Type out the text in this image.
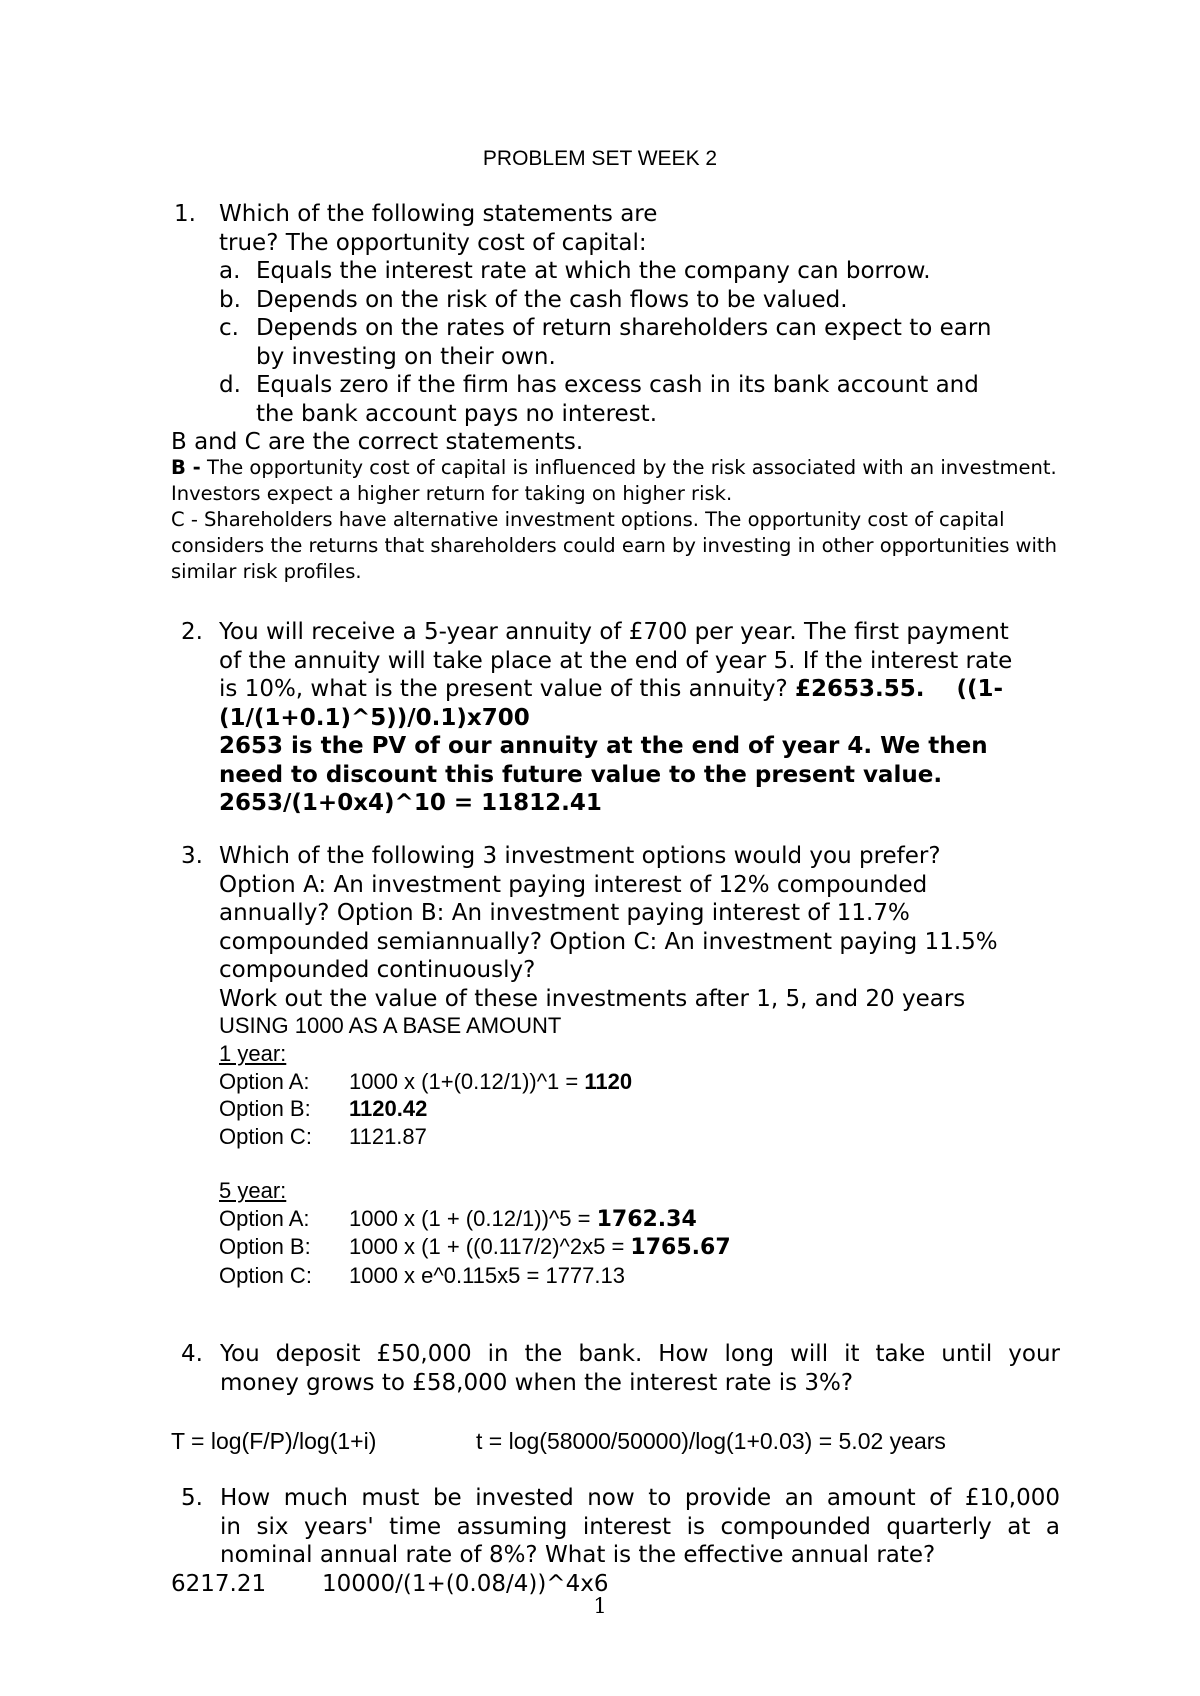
PROBLEM SET WEEK 2
1. Which of the following statements are
true? The opportunity cost of capital:
a. Equals the interest rate at which the company can borrow.
b. Depends on the risk of the cash flows to be valued.
c. Depends on the rates of return shareholders can expect to earn
by investing on their own.
d. Equals zero if the firm has excess cash in its bank account and
the bank account pays no interest.
B and C are the correct statements.
B - The opportunity cost of capital is influenced by the risk associated with an investment. Investors expect a higher return for taking on higher risk.
C - Shareholders have alternative investment options. The opportunity cost of capital considers the returns that shareholders could earn by investing in other opportunities with similar risk profiles.
2. You will receive a 5-year annuity of £700 per year. The first payment
of the annuity will take place at the end of year 5. If the interest rate
is 10%, what is the present value of this annuity? £2653.55.    ((1-
(1/(1+0.1)^5))/0.1)x700
2653 is the PV of our annuity at the end of year 4. We then
need to discount this future value to the present value.
2653/(1+0x4)^10 = 11812.41
3. Which of the following 3 investment options would you prefer?
Option A: An investment paying interest of 12% compounded
annually? Option B: An investment paying interest of 11.7%
compounded semiannually? Option C: An investment paying 11.5%
compounded continuously?
Work out the value of these investments after 1, 5, and 20 years
USING 1000 AS A BASE AMOUNT
1 year:
Option A: 1000 x (1+(0.12/1))^1 = 1120
Option B: 1120.42
Option C: 1121.87
5 year:
Option A: 1000 x (1 + (0.12/1))^5 = 1762.34
Option B: 1000 x (1 + ((0.117/2)^2x5 = 1765.67
Option C: 1000 x e^0.115x5 = 1777.13
4. You deposit £50,000 in the bank. How long will it take until your
money grows to £58,000 when the interest rate is 3%?
T = log(F/P)/log(1+i)	t = log(58000/50000)/log(1+0.03) = 5.02 years
5. How much must be invested now to provide an amount of £10,000
in six years' time assuming interest is compounded quarterly at a
nominal annual rate of 8%? What is the effective annual rate?
6217.21 10000/(1+(0.08/4))^4x6
1
